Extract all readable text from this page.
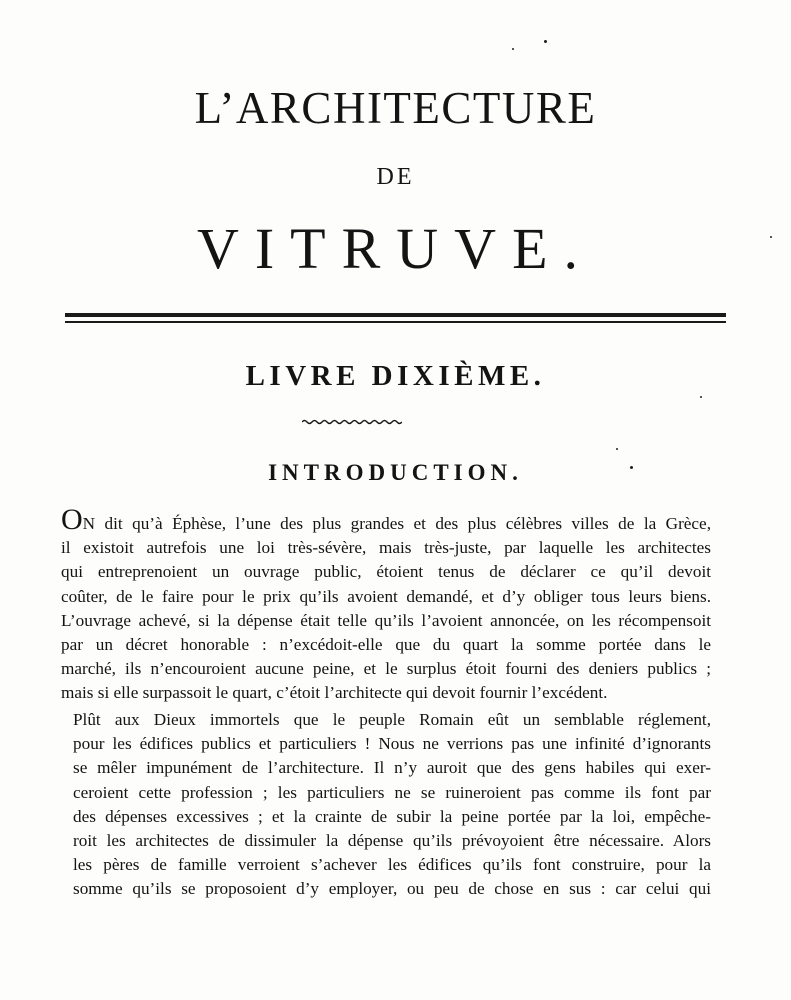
L’ARCHITECTURE
DE
VITRUVE.
LIVRE DIXIÈME.
INTRODUCTION.
ON dit qu’à Éphèse, l’une des plus grandes et des plus célèbres villes de la Grèce,
il existoit autrefois une loi très-sévère, mais très-juste, par laquelle les architectes
qui entreprenoient un ouvrage public, étoient tenus de déclarer ce qu’il devoit
coûter, de le faire pour le prix qu’ils avoient demandé, et d’y obliger tous leurs biens.
L’ouvrage achevé, si la dépense était telle qu’ils l’avoient annoncée, on les récompensoit
par un décret honorable : n’excédoit-elle que du quart la somme portée dans le
marché, ils n’encouroient aucune peine, et le surplus étoit fourni des deniers publics ;
mais si elle surpassoit le quart, c’étoit l’architecte qui devoit fournir l’excédent.
Plût aux Dieux immortels que le peuple Romain eût un semblable réglement,
pour les édifices publics et particuliers ! Nous ne verrions pas une infinité d’ignorants
se mêler impunément de l’architecture. Il n’y auroit que des gens habiles qui exer-
ceroient cette profession ; les particuliers ne se ruineroient pas comme ils font par
des dépenses excessives ; et la crainte de subir la peine portée par la loi, empêche-
roit les architectes de dissimuler la dépense qu’ils prévoyoient être nécessaire. Alors
les pères de famille verroient s’achever les édifices qu’ils font construire, pour la
somme qu’ils se proposoient d’y employer, ou peu de chose en sus : car celui qui
